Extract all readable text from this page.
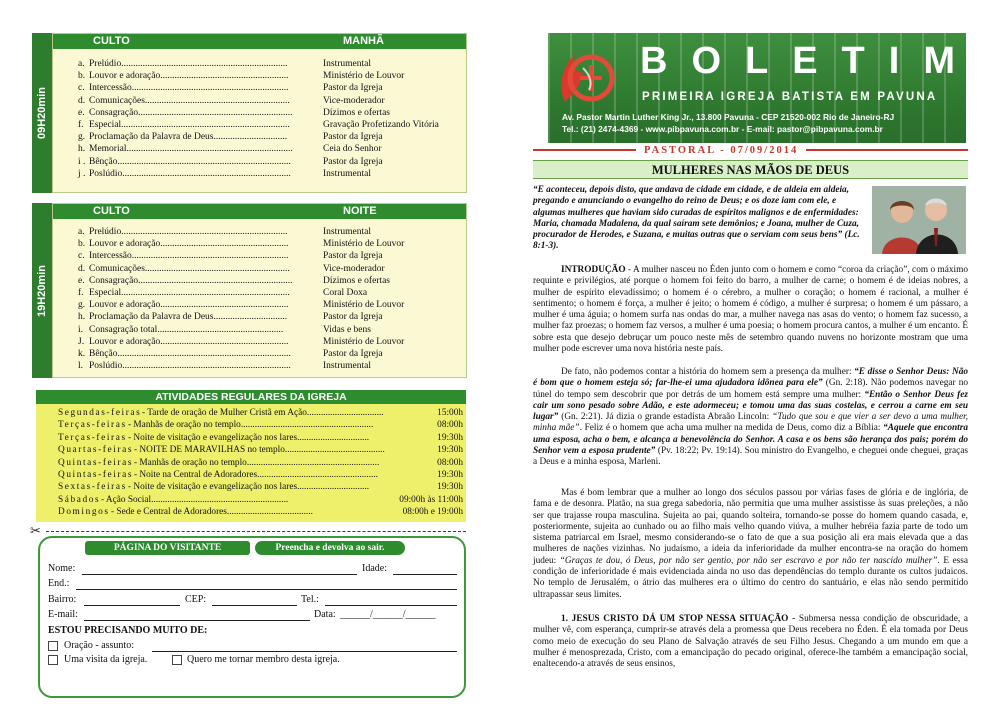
09H20min
CULTO	MANHÃ
a. Prelúdio......................................................................	Instrumental
b. Louvor e adoração......................................................	Ministério de Louvor
c. Intercessão..................................................................	Pastor da Igreja
d. Comunicações.............................................................	Vice-moderador
e. Consagração.................................................................	Dízimos e ofertas
f. Especial.......................................................................	Gravação Profetizando Vitória
g. Proclamação da Palavra de Deus...............................	Pastor da Igreja
h. Memorial......................................................................	Ceia do Senhor
i . Bênção.........................................................................	Pastor da Igreja
j . Poslúdio.......................................................................	Instrumental
19H20min
CULTO	NOITE
a. Prelúdio......................................................................	Instrumental
b. Louvor e adoração......................................................	Ministério de Louvor
c. Intercessão..................................................................	Pastor da Igreja
d. Comunicações.............................................................	Vice-moderador
e. Consagração.................................................................	Dízimos e ofertas
f. Especial.......................................................................	Coral Doxa
g. Louvor e adoração......................................................	Ministério de Louvor
h. Proclamação da Palavra de Deus...............................	Pastor da Igreja
i. Consagração total.....................................................	Vidas e bens
J. Louvor e adoração......................................................	Ministério de Louvor
k. Bênção.........................................................................	Pastor da Igreja
l. Poslúdio.......................................................................	Instrumental
ATIVIDADES REGULARES DA IGREJA
Segundas-feiras - Tarde de oração de Mulher Cristã em Ação.................................	15:00h
Terças-feiras - Manhãs de oração no templo.........................................................	08:00h
Terças-feiras - Noite de visitação e evangelização nos lares...............................	19:30h
Quartas-feiras - NOITE DE MARAVILHAS no templo...........................................	19:30h
Quintas-feiras - Manhãs de oração no templo.........................................................	08:00h
Quintas-feiras - Noite na Central de Adoradores....................................................	19:30h
Sextas-feiras - Noite de visitação e evangelização nos lares...............................	19:30h
Sábados - Ação Social...........................................................	09:00h às 11:00h
Domingos - Sede e Central de Adoradores.....................................	08:00h e 19:00h
✂
PÁGINA DO VISITANTE	Preencha e devolva ao sair.
Nome:	Idade:
End.:
Bairro:	CEP:	Tel.:
E-mail:	Data: ______/______/______
ESTOU PRECISANDO MUITO DE:
Oração - assunto:
Uma visita da igreja.	Quero me tornar membro desta igreja.
BOLETIM
PRIMEIRA IGREJA BATISTA EM PAVUNA
Av. Pastor Martin Luther King Jr., 13.800 Pavuna - CEP 21520-002 Rio de Janeiro-RJ
Tel.: (21) 2474-4369 - www.pibpavuna.com.br - E-mail: pastor@pibpavuna.com.br
PASTORAL - 07/09/2014
MULHERES NAS MÃOS DE DEUS
“E aconteceu, depois disto, que andava de cidade em cidade, e de aldeia em aldeia, pregando e anunciando o evangelho do reino de Deus; e os doze iam com ele, e algumas mulheres que haviam sido curadas de espíritos malignos e de enfermidades: Maria, chamada Madalena, da qual saíram sete demônios; e Joana, mulher de Cuza, procurador de Herodes, e Suzana, e muitas outras que o serviam com seus bens” (Lc. 8:1-3).
INTRODUÇÃO - A mulher nasceu no Éden junto com o homem e como “coroa da criação”, com o máximo requinte e privilégios, até porque o homem foi feito do barro, a mulher de carne; o homem é de ideias nobres, a mulher de espírito elevadíssimo; o homem é o cérebro, a mulher o coração; o homem é racional, a mulher é sentimento; o homem é força, a mulher é jeito; o homem é código, a mulher é surpresa; o homem é um pássaro, a mulher é uma águia; o homem surfa nas ondas do mar, a mulher navega nas asas do vento; o homem faz sucesso, a mulher faz proezas; o homem faz versos, a mulher é uma poesia; o homem procura cantos, a mulher é um encanto. É sobre esta que desejo debruçar um pouco neste mês de setembro quando nuvens no horizonte mostram que uma mulher pode escrever uma nova história neste país.
De fato, não podemos contar a história do homem sem a presença da mulher: “E disse o Senhor Deus: Não é bom que o homem esteja só; far-lhe-ei uma ajudadora idônea para ele” (Gn. 2:18). Não podemos navegar no túnel do tempo sem descobrir que por detrás de um homem está sempre uma mulher: “Então o Senhor Deus fez cair um sono pesado sobre Adão, e este adormeceu; e tomou uma das suas costelas, e cerrou a carne em seu lugar” (Gn. 2:21). Já dizia o grande estadista Abraão Lincoln: “Tudo que sou e que vier a ser devo a uma mulher, minha mãe”. Feliz é o homem que acha uma mulher na medida de Deus, como diz a Bíblia: “Aquele que encontra uma esposa, acha o bem, e alcança a benevolência do Senhor. A casa e os bens são herança dos pais; porém do Senhor vem a esposa prudente” (Pv. 18:22; Pv. 19:14). Sou ministro do Evangelho, e cheguei onde cheguei, graças a Deus e a minha esposa, Marleni.
Mas é bom lembrar que a mulher ao longo dos séculos passou por várias fases de glória e de inglória, de fama e de desonra. Platão, na sua grega sabedoria, não permitia que uma mulher assistisse às suas preleções, a não ser que trajasse roupa masculina. Sujeita ao pai, quando solteira, tornando-se posse do homem quando casada, e, posteriormente, sujeita ao cunhado ou ao filho mais velho quando viúva, a mulher hebréia fazia parte de todo um sistema patriarcal em Israel, mesmo considerando-se o fato de que a sua posição ali era mais elevada que a das mulheres de nações vizinhas. No judaísmo, a ideia da inferioridade da mulher encontra-se na oração do homem judeu: “Graças te dou, ó Deus, por não ser gentio, por não ser escravo e por não ter nascido mulher”. E essa condição de inferioridade é mais evidenciada ainda no uso das dependências do templo durante os cultos judaicos. No templo de Jerusalém, o átrio das mulheres era o último do centro do santuário, e elas não sendo permitido ultrapassar seus limites.
1. JESUS CRISTO DÁ UM STOP NESSA SITUAÇÃO - Submersa nessa condição de obscuridade, a mulher vê, com esperança, cumprir-se através dela a promessa que Deus recebera no Éden. É ela tomada por Deus como meio de execução do seu Plano de Salvação através de seu Filho Jesus. Chegando a um mundo em que a mulher é menosprezada, Cristo, com a emancipação do pecado original, oferece-lhe também a emancipação social, enaltecendo-a através de seus ensinos,
